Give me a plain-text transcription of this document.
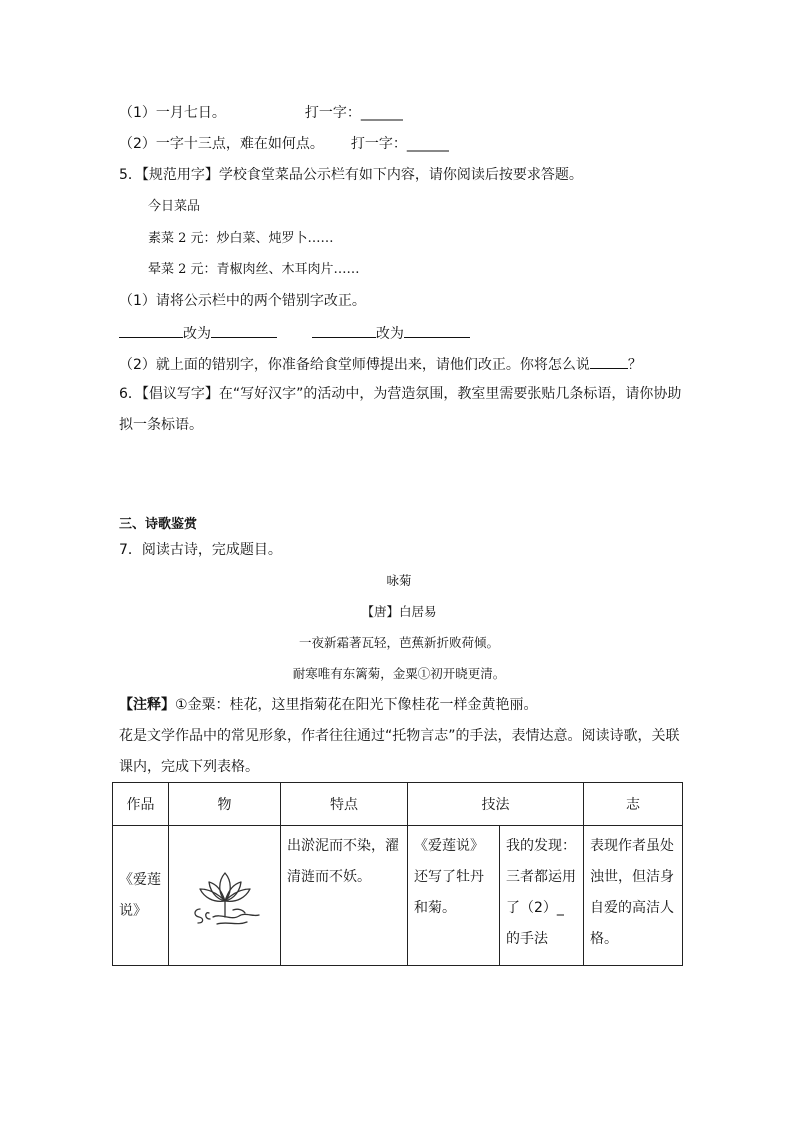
（1）一月七日。	打一字：______
（2）一字十三点，难在如何点。 打一字：______
5．【规范用字】学校食堂菜品公示栏有如下内容，请你阅读后按要求答题。
今日菜品
素菜 2 元：炒白菜、炖罗卜……
晕菜 2 元：青椒肉丝、木耳肉片……
（1）请将公示栏中的两个错别字改正。
改为	改为
（2）就上面的错别字，你准备给食堂师傅提出来，请他们改正。你将怎么说	？
6．【倡议写字】在“写好汉字”的活动中，为营造氛围，教室里需要张贴几条标语，请你协助
拟一条标语。
三、诗歌鉴赏
7．阅读古诗，完成题目。
咏菊
【唐】白居易
一夜新霜著瓦轻，芭蕉新折败荷倾。
耐寒唯有东篱菊，金粟①初开晓更清。
【注释】①金粟：桂花，这里指菊花在阳光下像桂花一样金黄艳丽。
花是文学作品中的常见形象，作者往往通过“托物言志”的手法，表情达意。阅读诗歌，关联
课内，完成下列表格。
作品	物	特点	技法		志
《爱莲说》		出淤泥而不染，濯清涟而不妖。	《爱莲说》还写了牡丹和菊。	我的发现：三者都运用了（2）_的手法	表现作者虽处浊世，但洁身自爱的高洁人格。
